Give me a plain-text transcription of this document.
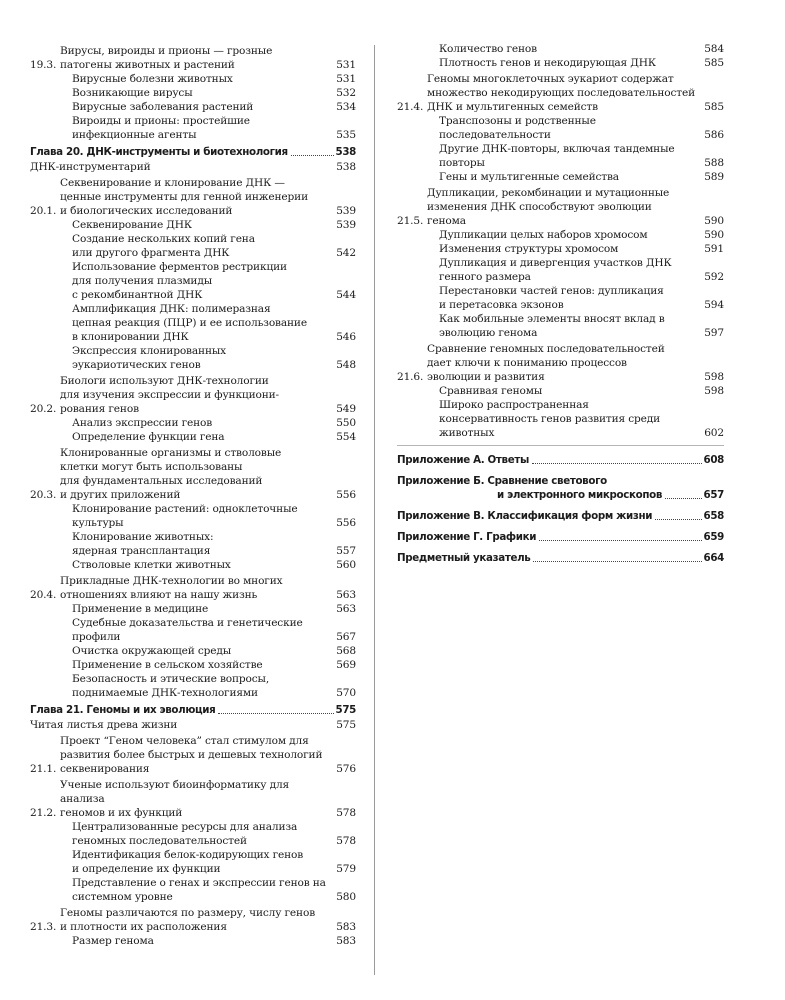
19.3.
Вирусы, вироиды и прионы — грозные
патогены животных и растений	531
Вирусные болезни животных	531
Возникающие вирусы	532
Вирусные заболевания растений	534
Вироиды и прионы: простейшие
инфекционные агенты	535
Глава 20. ДНК-инструменты и биотехнология	538
ДНК-инструментарий	538
20.1.
Секвенирование и клонирование ДНК —
ценные инструменты для генной инженерии
и биологических исследований	539
Секвенирование ДНК	539
Создание нескольких копий гена
или другого фрагмента ДНК	542
Использование ферментов рестрикции
для получения плазмиды
с рекомбинантной ДНК	544
Амплификация ДНК: полимеразная
цепная реакция (ПЦР) и ее использование
в клонировании ДНК	546
Экспрессия клонированных
эукариотических генов	548
20.2.
Биологи используют ДНК-технологии
для изучения экспрессии и функциони-
рования генов	549
Анализ экспрессии генов	550
Определение функции гена	554
20.3.
Клонированные организмы и стволовые
клетки могут быть использованы
для фундаментальных исследований
и других приложений	556
Клонирование растений: одноклеточные
культуры	556
Клонирование животных:
ядерная трансплантация	557
Стволовые клетки животных	560
20.4.
Прикладные ДНК-технологии во многих
отношениях влияют на нашу жизнь	563
Применение в медицине	563
Судебные доказательства и генетические
профили	567
Очистка окружающей среды	568
Применение в сельском хозяйстве	569
Безопасность и этические вопросы,
поднимаемые ДНК-технологиями	570
Глава 21. Геномы и их эволюция	575
Читая листья древа жизни	575
21.1.
Проект “Геном человека” стал стимулом для
развития более быстрых и дешевых технологий
секвенирования	576
21.2.
Ученые используют биоинформатику для анализа
геномов и их функций	578
Централизованные ресурсы для анализа
геномных последовательностей	578
Идентификация белок-кодирующих генов
и определение их функции	579
Представление о генах и экспрессии генов на
системном уровне	580
21.3.
Геномы различаются по размеру, числу генов
и плотности их расположения	583
Размер генома	583
Количество генов	584
Плотность генов и некодирующая ДНК	585
21.4.
Геномы многоклеточных эукариот содержат
множество некодирующих последовательностей
ДНК и мультигенных семейств	585
Транспозоны и родственные
последовательности	586
Другие ДНК-повторы, включая тандемные
повторы	588
Гены и мультигенные семейства	589
21.5.
Дупликации, рекомбинации и мутационные
изменения ДНК способствуют эволюции
генома	590
Дупликации целых наборов хромосом	590
Изменения структуры хромосом	591
Дупликация и дивергенция участков ДНК
генного размера	592
Перестановки частей генов: дупликация
и перетасовка экзонов	594
Как мобильные элементы вносят вклад в
эволюцию генома	597
21.6.
Сравнение геномных последовательностей
дает ключи к пониманию процессов
эволюции и развития	598
Сравнивая геномы	598
Широко распространенная
консервативность генов развития среди
животных	602
Приложение А. Ответы	608
Приложение Б. Сравнение светового
и электронного микроскопов	657
Приложение В. Классификация форм жизни	658
Приложение Г. Графики	659
Предметный указатель	664
